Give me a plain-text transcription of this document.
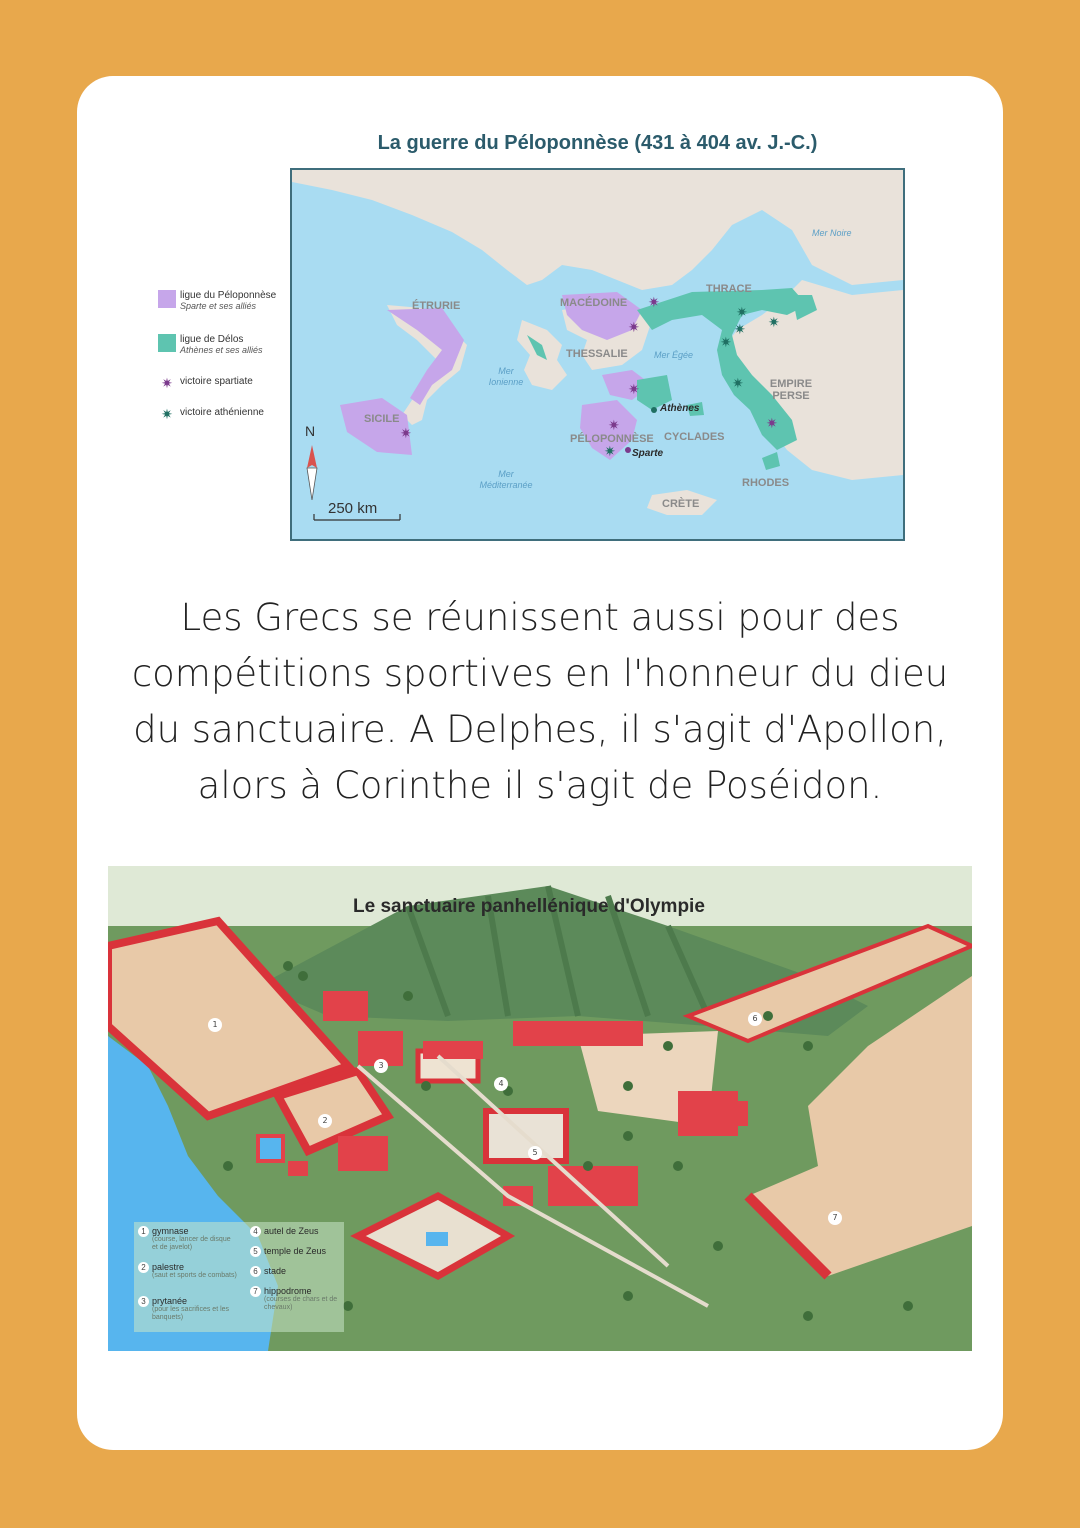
La guerre du Péloponnèse (431 à 404 av. J.-C.)
ligue du Péloponnèse
Sparte et ses alliés
ligue de Délos
Athènes et ses alliés
✷ victoire spartiate
✷ victoire athénienne
✷
✷
✷
✷	✷
✷
✷
✷
✷
✷
✷
✷
ÉTRURIE	MACÉDOINE
THRACE
THESSALIE
SICILE
EMPIRE PERSE
PÉLOPONNÈSE CYCLADES
RHODES
CRÈTE
Athènes
Sparte
Mer Noire
Mer Ionienne
Mer Égée
Mer Méditerranée
N
250 km
Les Grecs se réunissent aussi pour des compétitions sportives en l'honneur du dieu du sanctuaire. A Delphes, il s'agit d'Apollon, alors à Corinthe il s'agit de Poséidon.
Le sanctuaire panhellénique d'Olympie
1
2
3
4
5
6
7
1 gymnase
(course, lancer de disque et de javelot)
2 palestre
(saut et sports de combats)
3 prytanée
(pour les sacrifices et les banquets)
4 autel de Zeus
5 temple de Zeus
6 stade
7 hippodrome
(courses de chars et de chevaux)
